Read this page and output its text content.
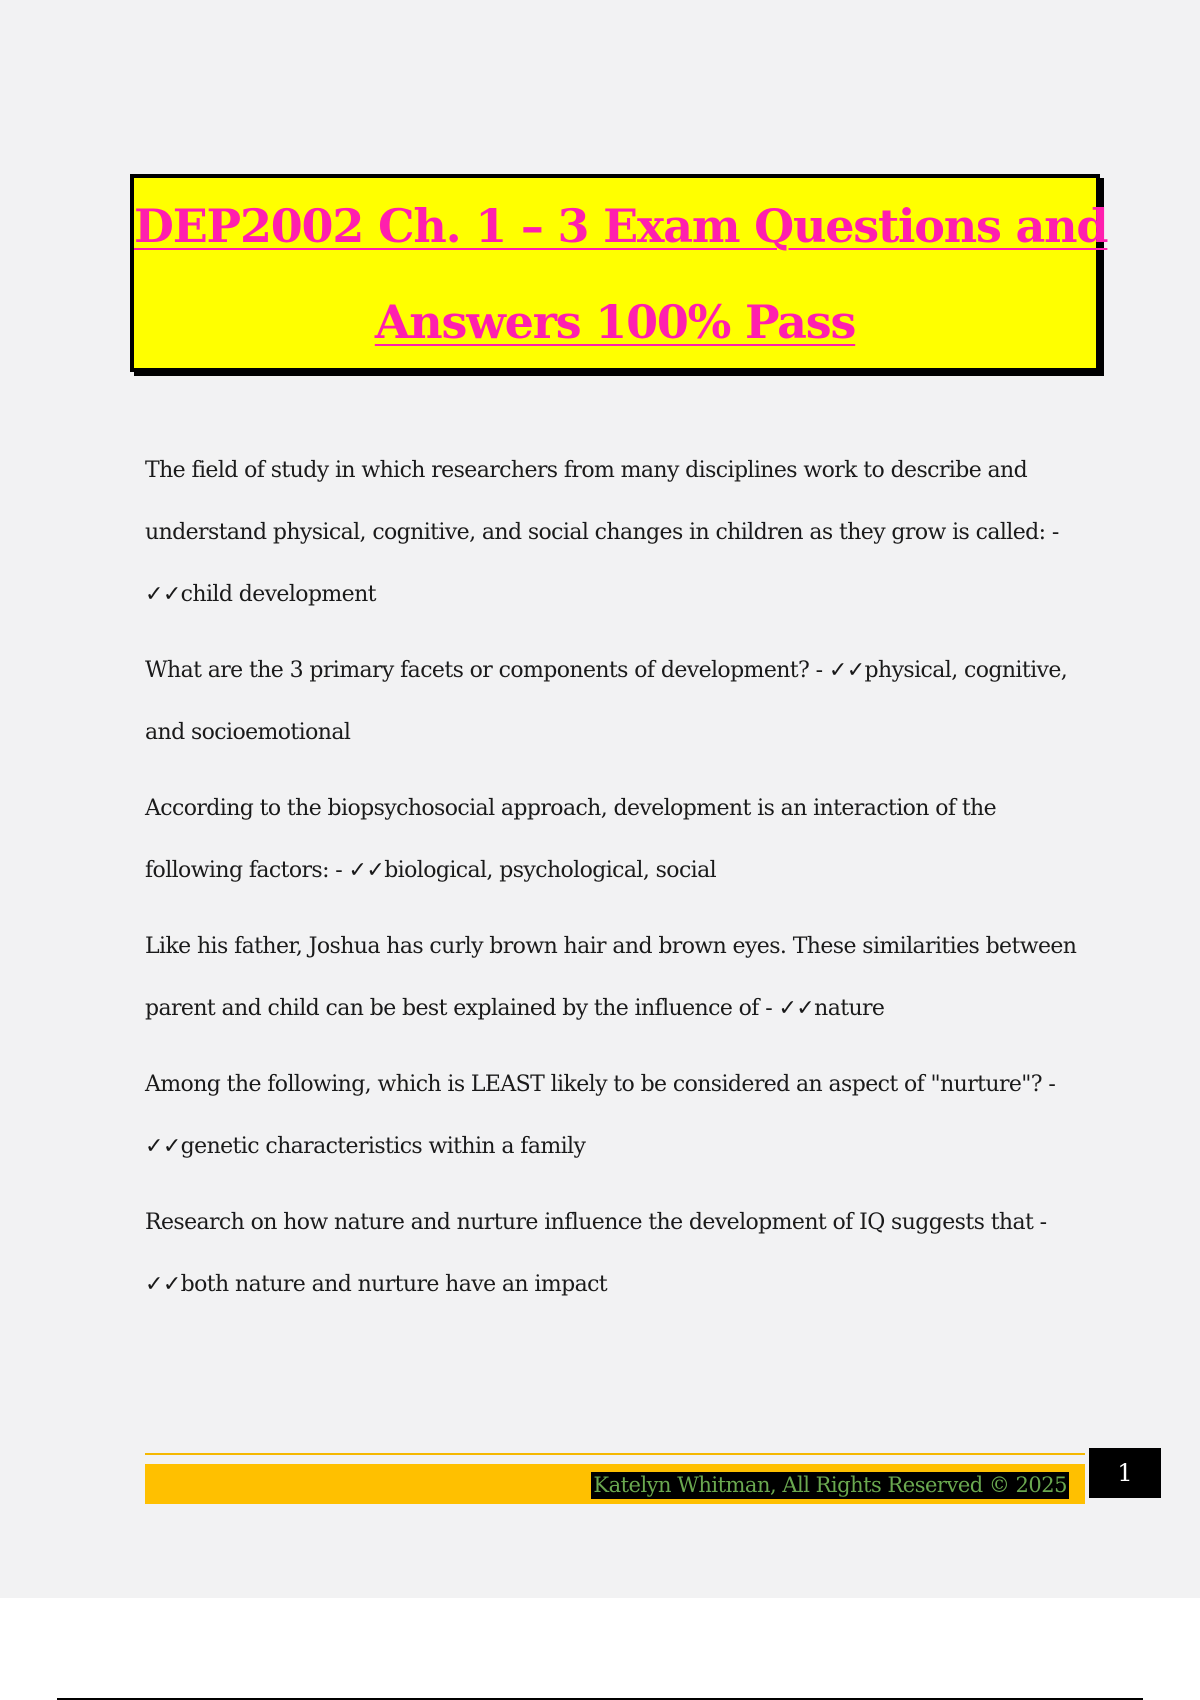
DEP2002 Ch. 1 – 3 Exam Questions and
Answers 100% Pass

The field of study in which researchers from many disciplines work to describe and understand physical, cognitive, and social changes in children as they grow is called: - ✓✓child development

What are the 3 primary facets or components of development? - ✓✓physical, cognitive, and socioemotional

According to the biopsychosocial approach, development is an interaction of the following factors: - ✓✓biological, psychological, social

Like his father, Joshua has curly brown hair and brown eyes. These similarities between parent and child can be best explained by the influence of - ✓✓nature

Among the following, which is LEAST likely to be considered an aspect of "nurture"? - ✓✓genetic characteristics within a family

Research on how nature and nurture influence the development of IQ suggests that - ✓✓both nature and nurture have an impact

Katelyn Whitman, All Rights Reserved © 2025	1
